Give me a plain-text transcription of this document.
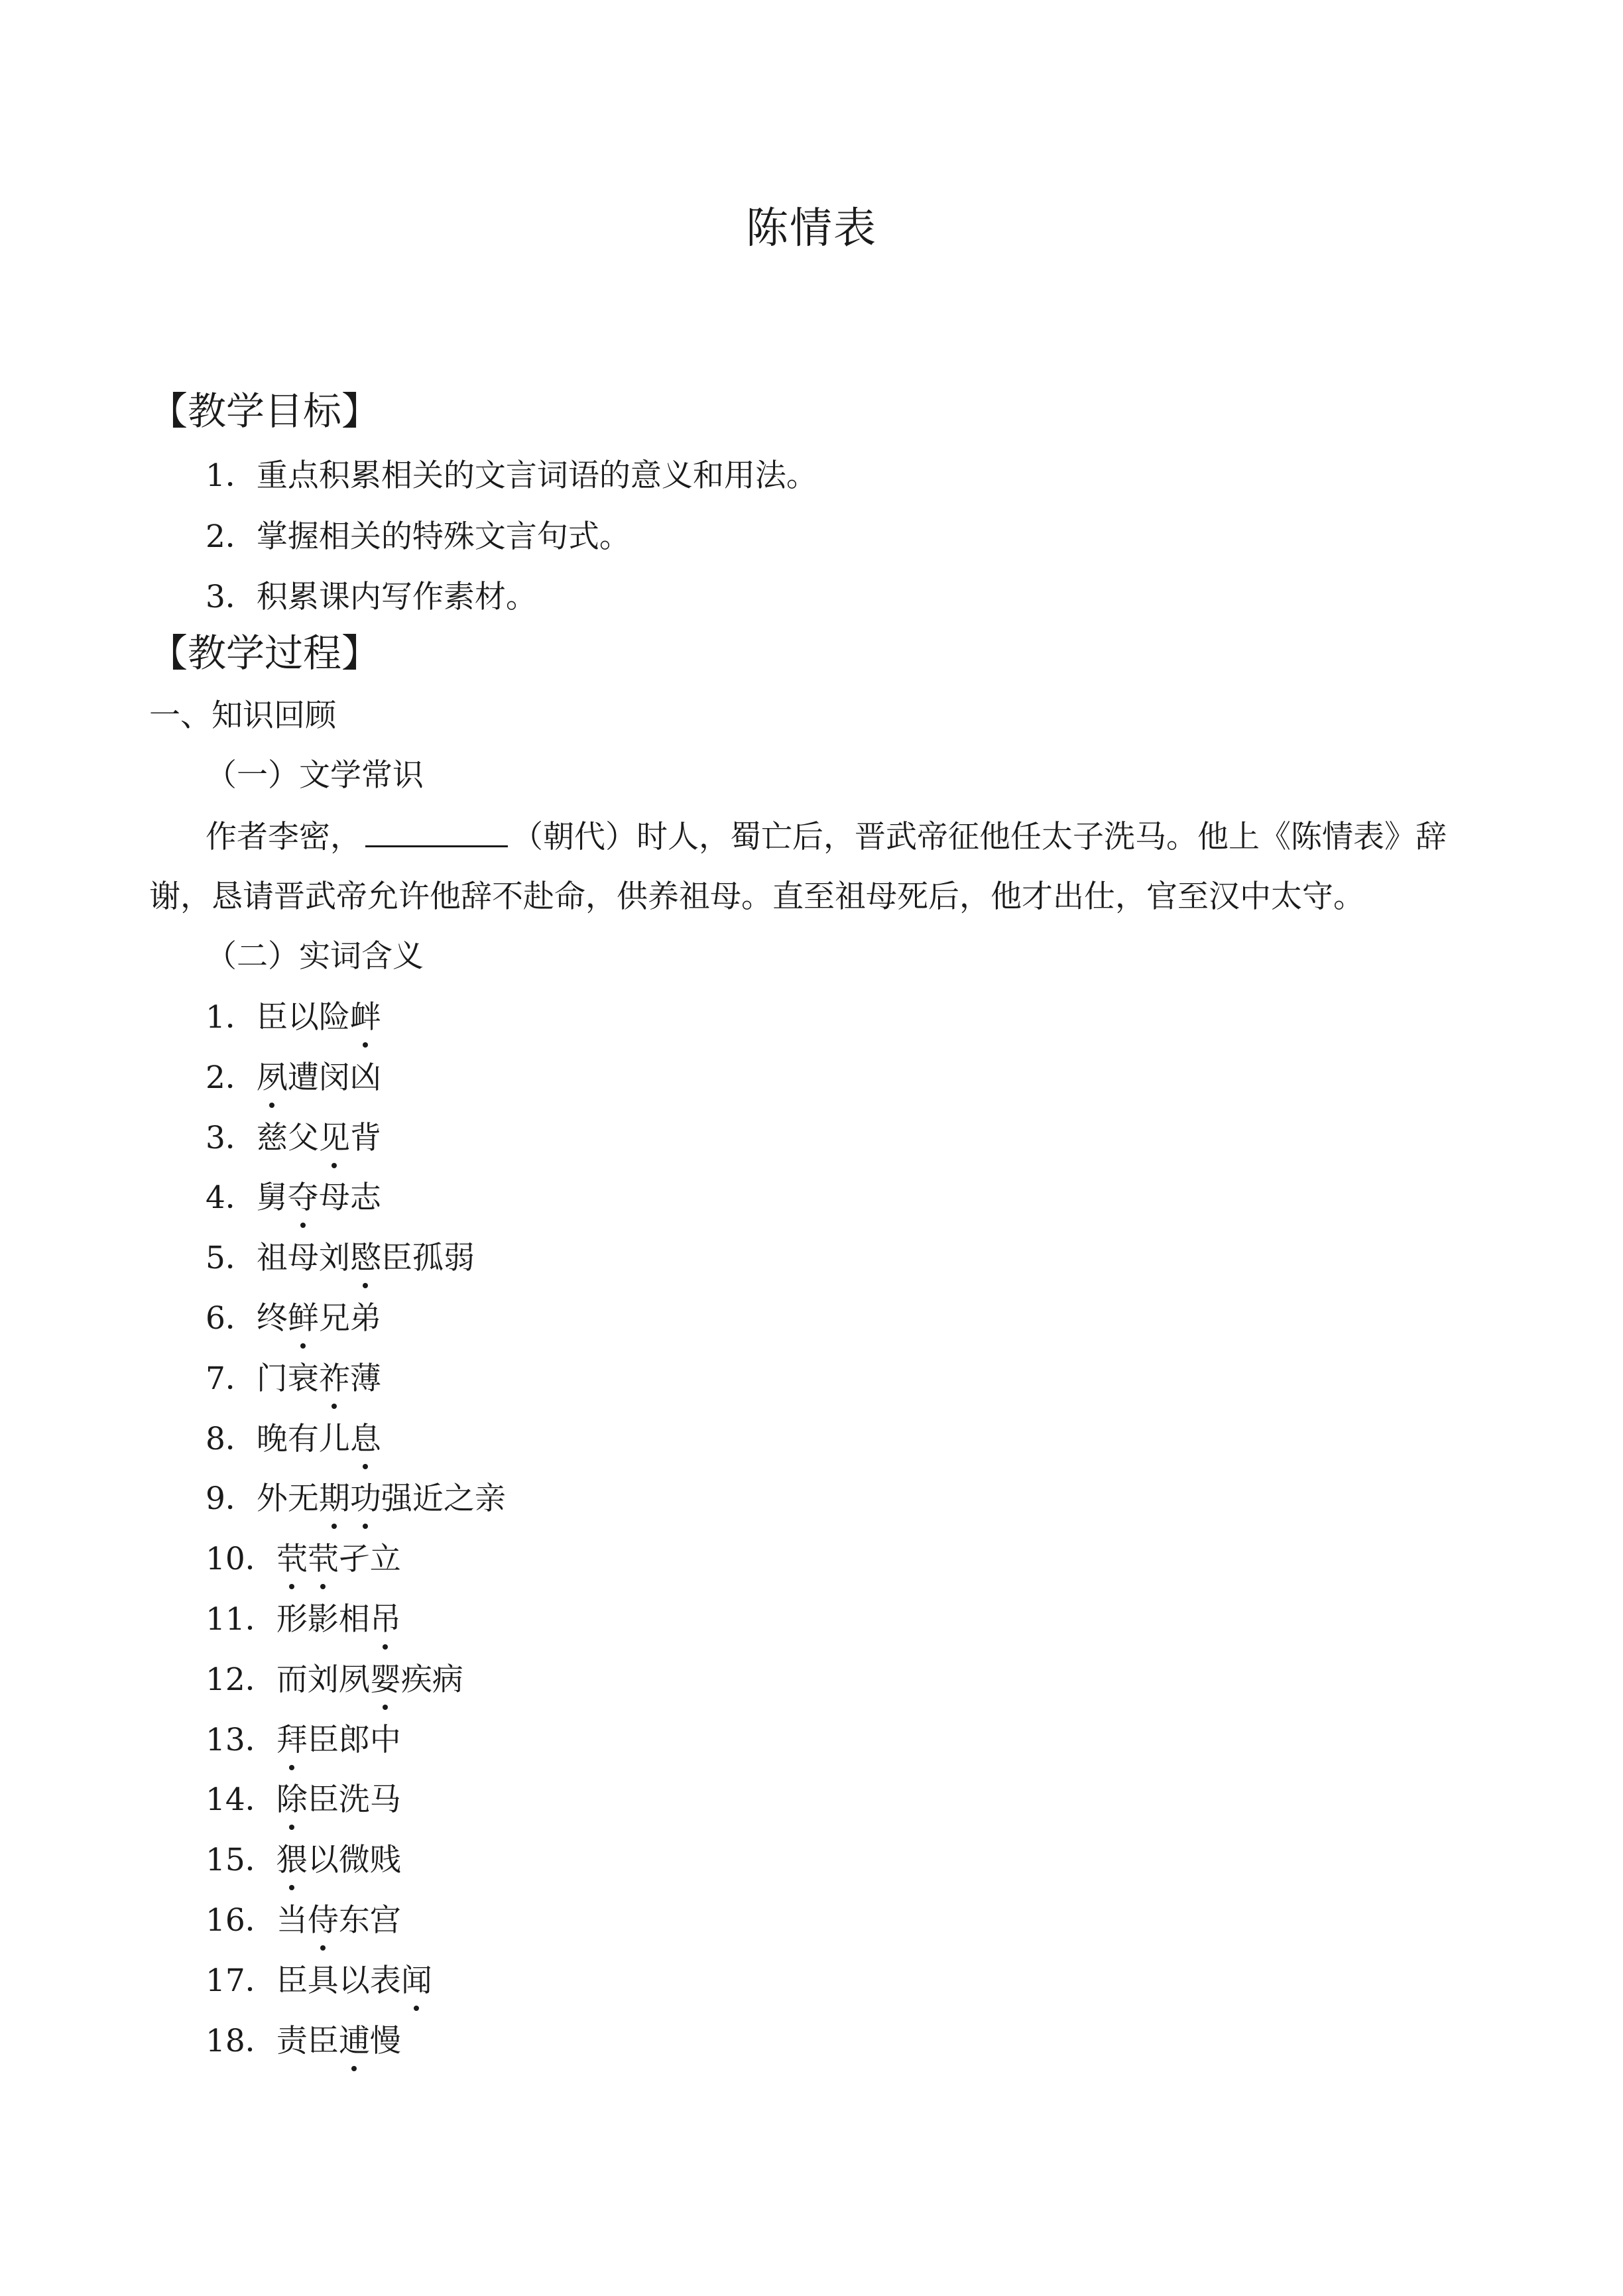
陈情表
【教学目标】
1．重点积累相关的文言词语的意义和用法。
2．掌握相关的特殊文言句式。
3．积累课内写作素材。
【教学过程】
一、知识回顾
（一）文学常识
作者李密，	（朝代）时人，蜀亡后，晋武帝征他任太子洗马。他上《陈情表》辞
谢，恳请晋武帝允许他辞不赴命，供养祖母。直至祖母死后，他才出仕，官至汉中太守。
（二）实词含义
1．臣以险衅
2．夙遭闵凶
3．慈父见背
4．舅夺母志
5．祖母刘愍臣孤弱
6．终鲜兄弟
7．门衰祚薄
8．晚有儿息
9．外无期功强近之亲
10．茕茕孑立
11．形影相吊
12．而刘夙婴疾病
13．拜臣郎中
14．除臣洗马
15．猥以微贱
16．当侍东宫
17．臣具以表闻
18．责臣逋慢
